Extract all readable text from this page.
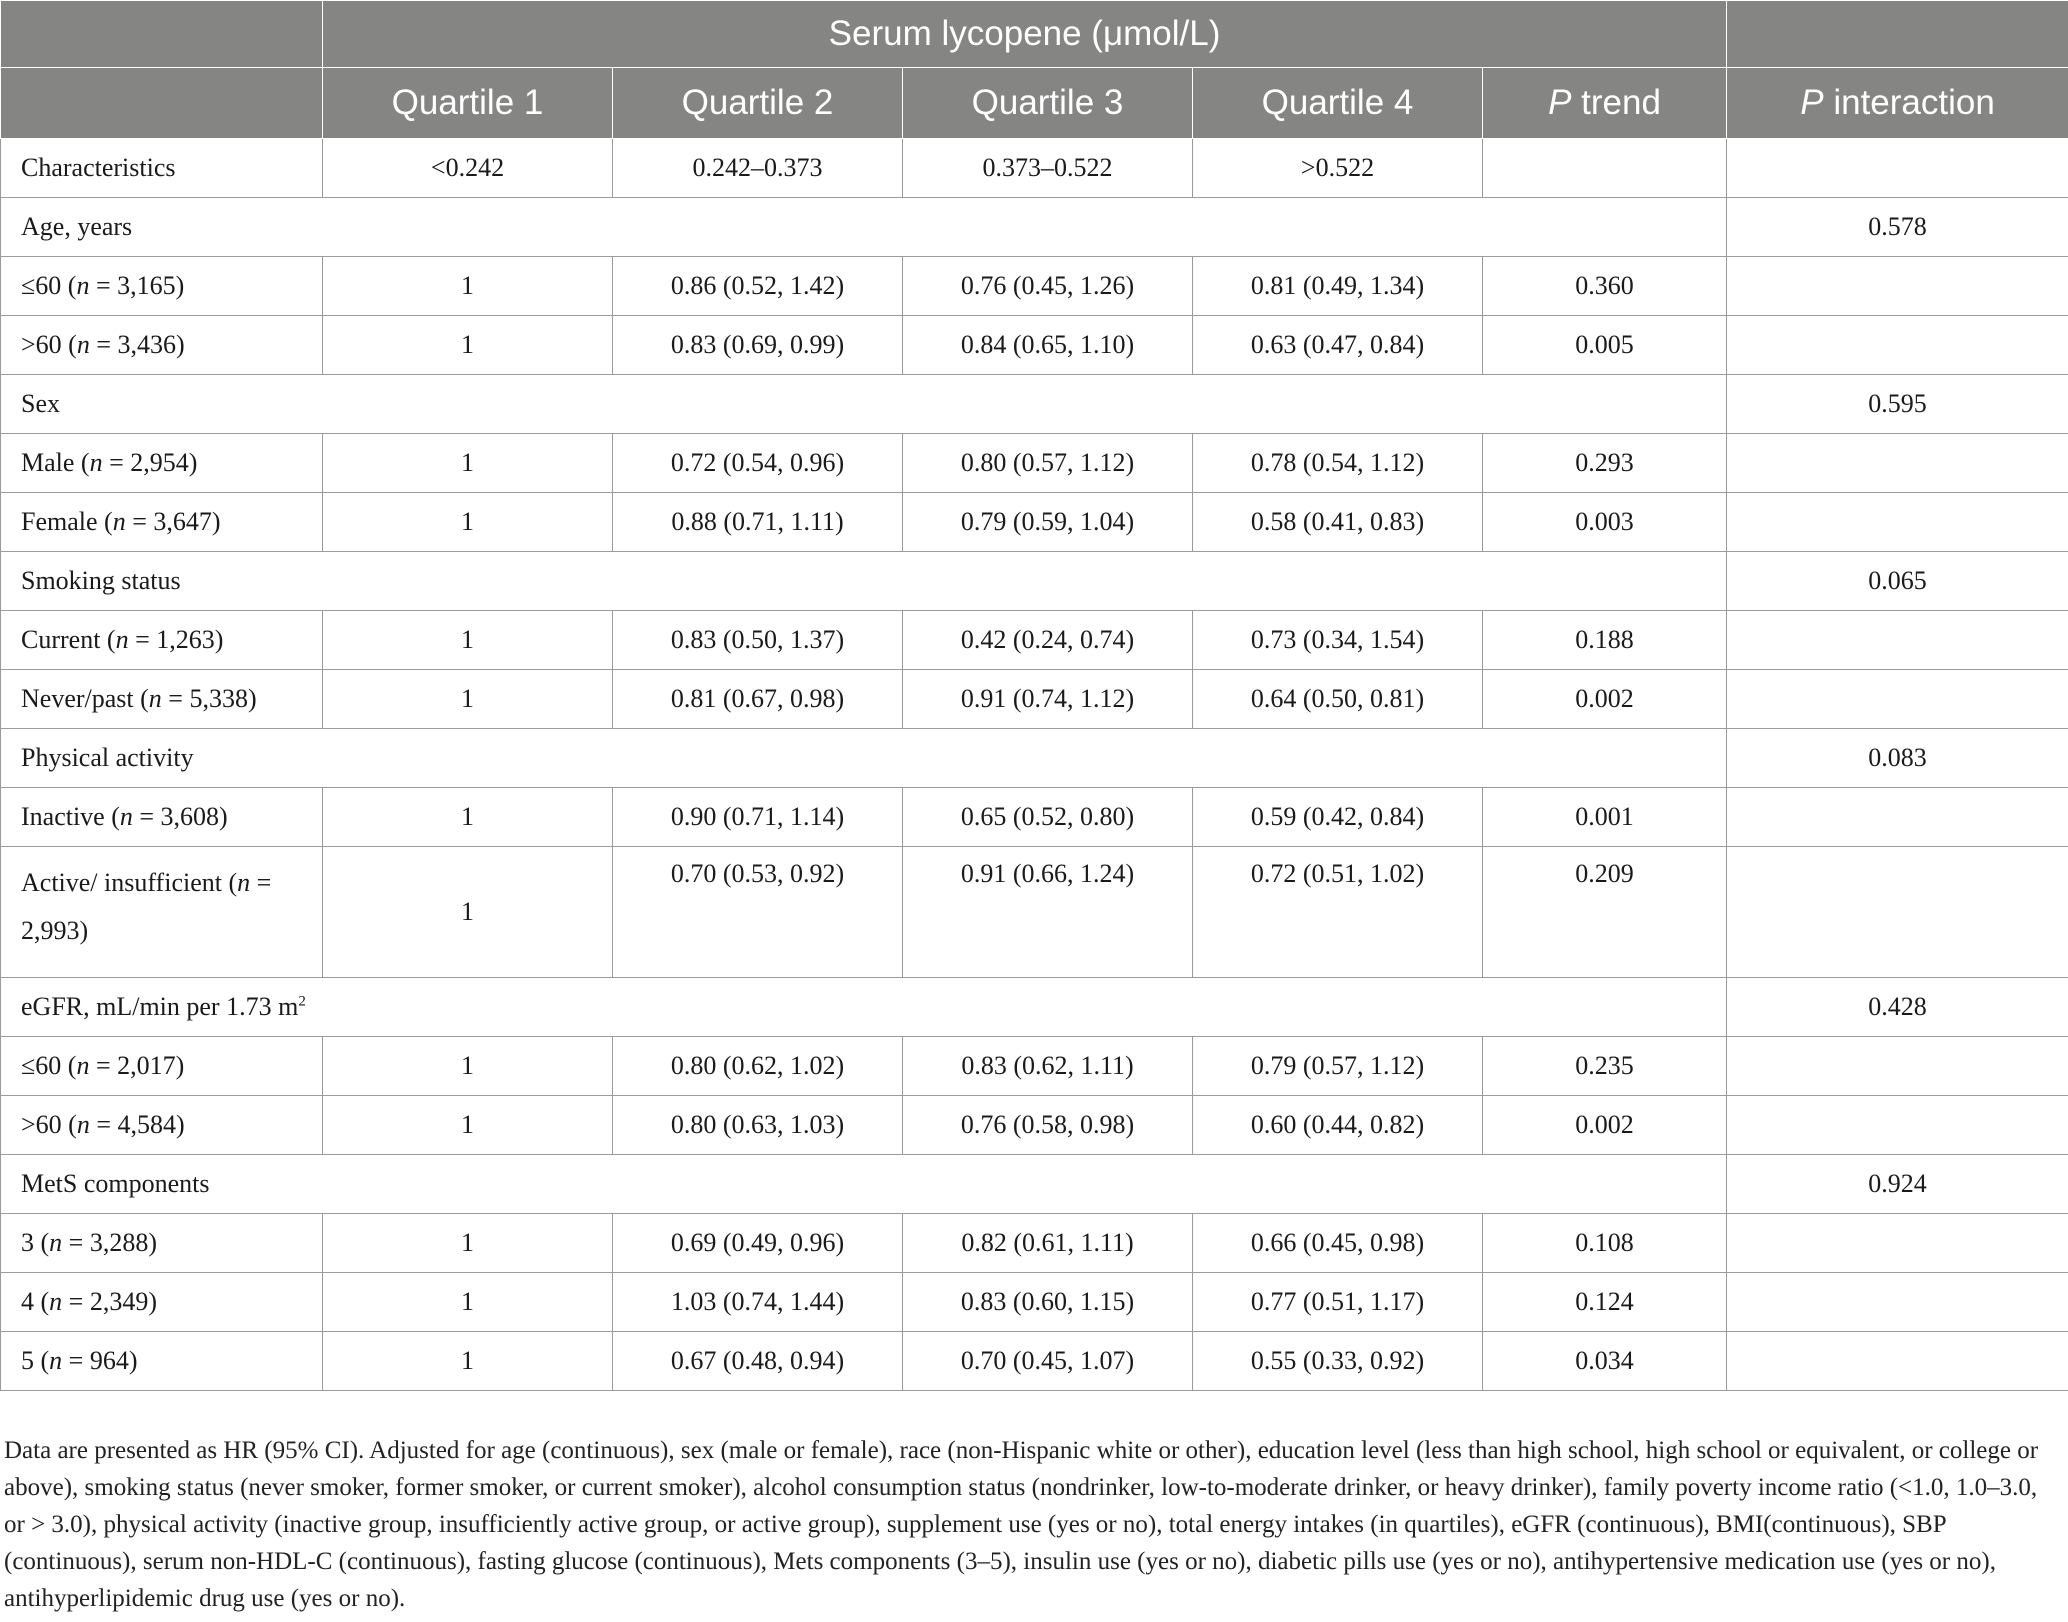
	Serum lycopene (μmol/L)					
	Quartile 1	Quartile 2	Quartile 3	Quartile 4	P trend	P interaction
Characteristics	<0.242	0.242–0.373	0.373–0.522	>0.522		
Age, years						0.578
≤60 (n = 3,165)	1	0.86 (0.52, 1.42)	0.76 (0.45, 1.26)	0.81 (0.49, 1.34)	0.360	
>60 (n = 3,436)	1	0.83 (0.69, 0.99)	0.84 (0.65, 1.10)	0.63 (0.47, 0.84)	0.005	
Sex						0.595
Male (n = 2,954)	1	0.72 (0.54, 0.96)	0.80 (0.57, 1.12)	0.78 (0.54, 1.12)	0.293	
Female (n = 3,647)	1	0.88 (0.71, 1.11)	0.79 (0.59, 1.04)	0.58 (0.41, 0.83)	0.003	
Smoking status						0.065
Current (n = 1,263)	1	0.83 (0.50, 1.37)	0.42 (0.24, 0.74)	0.73 (0.34, 1.54)	0.188	
Never/past (n = 5,338)	1	0.81 (0.67, 0.98)	0.91 (0.74, 1.12)	0.64 (0.50, 0.81)	0.002	
Physical activity						0.083
Inactive (n = 3,608)	1	0.90 (0.71, 1.14)	0.65 (0.52, 0.80)	0.59 (0.42, 0.84)	0.001	
Active/ insufficient (n = 2,993)	1	0.70 (0.53, 0.92)	0.91 (0.66, 1.24)	0.72 (0.51, 1.02)	0.209	
eGFR, mL/min per 1.73 $m^2$						0.428
≤60 (n = 2,017)	1	0.80 (0.62, 1.02)	0.83 (0.62, 1.11)	0.79 (0.57, 1.12)	0.235	
>60 (n = 4,584)	1	0.80 (0.63, 1.03)	0.76 (0.58, 0.98)	0.60 (0.44, 0.82)	0.002	
MetS components						0.924
3 (n = 3,288)	1	0.69 (0.49, 0.96)	0.82 (0.61, 1.11)	0.66 (0.45, 0.98)	0.108	
4 (n = 2,349)	1	1.03 (0.74, 1.44)	0.83 (0.60, 1.15)	0.77 (0.51, 1.17)	0.124	
5 (n = 964)	1	0.67 (0.48, 0.94)	0.70 (0.45, 1.07)	0.55 (0.33, 0.92)	0.034	
Data are presented as HR (95% CI). Adjusted for age (continuous), sex (male or female), race (non-Hispanic white or other), education level (less than high school, high school or equivalent, or college or above), smoking status (never smoker, former smoker, or current smoker), alcohol consumption status (nondrinker, low-to-moderate drinker, or heavy drinker), family poverty income ratio (<1.0, 1.0–3.0, or > 3.0), physical activity (inactive group, insufficiently active group, or active group), supplement use (yes or no), total energy intakes (in quartiles), eGFR (continuous), BMI(continuous), SBP (continuous), serum non-HDL-C (continuous), fasting glucose (continuous), Mets components (3–5), insulin use (yes or no), diabetic pills use (yes or no), antihypertensive medication use (yes or no), antihyperlipidemic drug use (yes or no).
